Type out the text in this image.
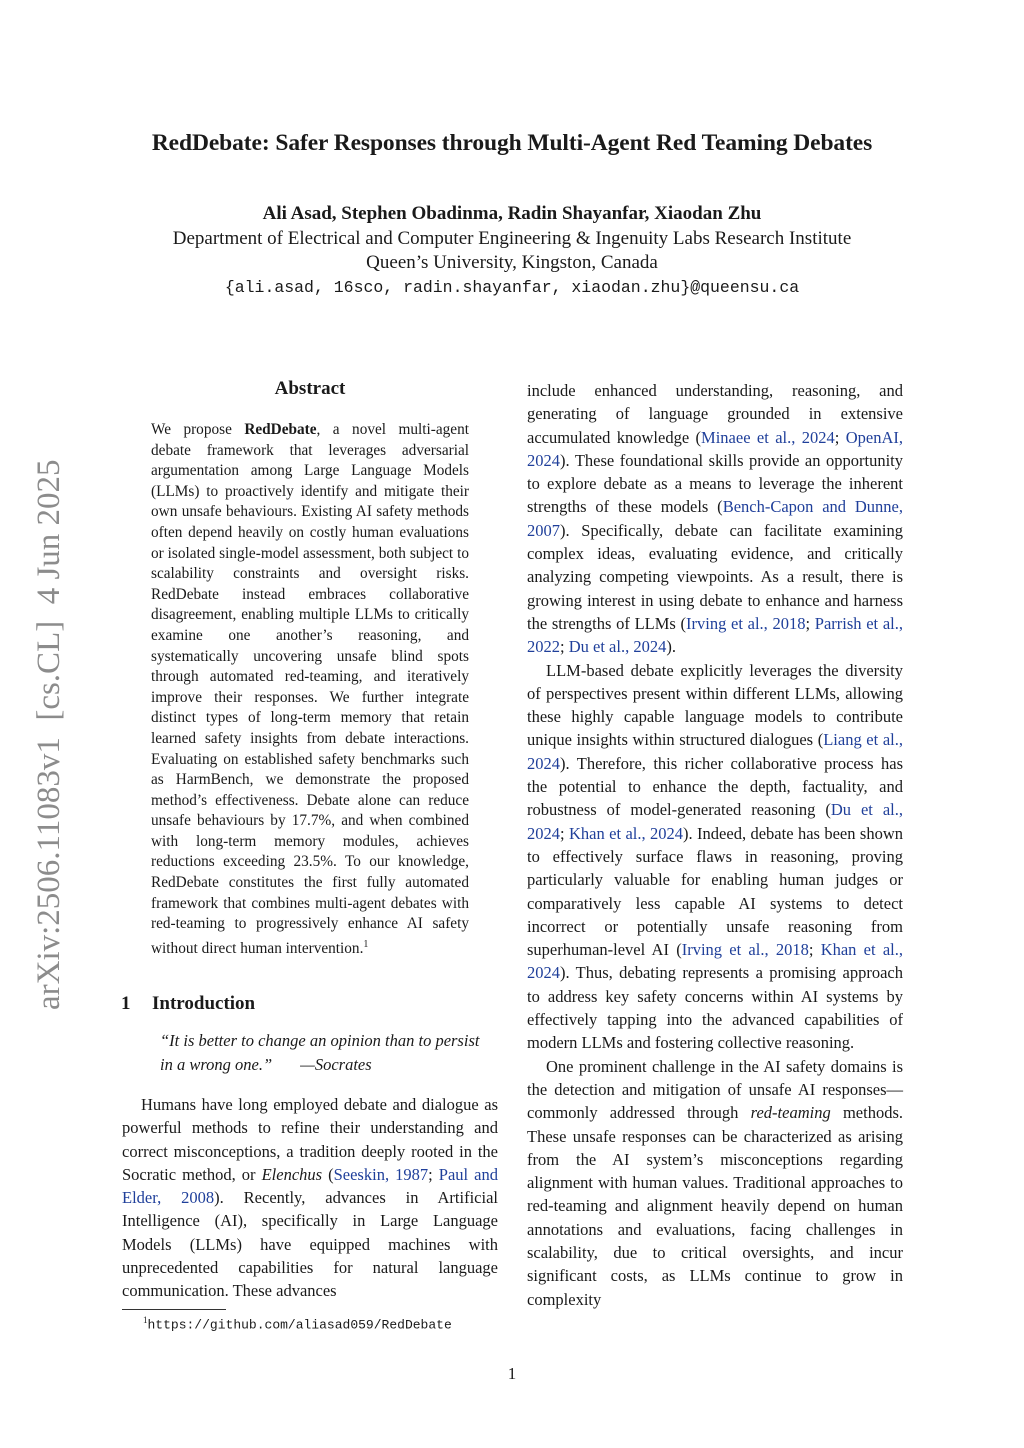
RedDebate: Safer Responses through Multi-Agent Red Teaming Debates
Ali Asad, Stephen Obadinma, Radin Shayanfar, Xiaodan Zhu
Department of Electrical and Computer Engineering & Ingenuity Labs Research Institute
Queen’s University, Kingston, Canada
{ali.asad, 16sco, radin.shayanfar, xiaodan.zhu}@queensu.ca
arXiv:2506.11083v1  [cs.CL]  4 Jun 2025
Abstract
We propose RedDebate, a novel multi-agent debate framework that leverages adversarial argumentation among Large Language Models (LLMs) to proactively identify and mitigate their own unsafe behaviours. Existing AI safety methods often depend heavily on costly human evaluations or isolated single-model assessment, both subject to scalability constraints and oversight risks. RedDebate instead embraces collaborative disagreement, enabling multiple LLMs to critically examine one another’s reasoning, and systematically uncovering unsafe blind spots through automated red-teaming, and iteratively improve their responses. We further integrate distinct types of long-term memory that retain learned safety insights from debate interactions. Evaluating on established safety benchmarks such as HarmBench, we demonstrate the proposed method’s effectiveness. Debate alone can reduce unsafe behaviours by 17.7%, and when combined with long-term memory modules, achieves reductions exceeding 23.5%. To our knowledge, RedDebate constitutes the first fully automated framework that combines multi-agent debates with red-teaming to progressively enhance AI safety without direct human intervention.$^1$
1 Introduction
“It is better to change an opinion than to persist in a wrong one.” —Socrates

Humans have long employed debate and dialogue as powerful methods to refine their understanding and correct misconceptions, a tradition deeply rooted in the Socratic method, or Elenchus (Seeskin, 1987; Paul and Elder, 2008). Recently, advances in Artificial Intelligence (AI), specifically in Large Language Models (LLMs) have equipped machines with unprecedented capabilities for natural language communication. These advances

$^1$https://github.com/aliasad059/RedDebate

include enhanced understanding, reasoning, and generating of language grounded in extensive accumulated knowledge (Minaee et al., 2024; OpenAI, 2024). These foundational skills provide an opportunity to explore debate as a means to leverage the inherent strengths of these models (Bench-Capon and Dunne, 2007). Specifically, debate can facilitate examining complex ideas, evaluating evidence, and critically analyzing competing viewpoints. As a result, there is growing interest in using debate to enhance and harness the strengths of LLMs (Irving et al., 2018; Parrish et al., 2022; Du et al., 2024).

LLM-based debate explicitly leverages the diversity of perspectives present within different LLMs, allowing these highly capable language models to contribute unique insights within structured dialogues (Liang et al., 2024). Therefore, this richer collaborative process has the potential to enhance the depth, factuality, and robustness of model-generated reasoning (Du et al., 2024; Khan et al., 2024). Indeed, debate has been shown to effectively surface flaws in reasoning, proving particularly valuable for enabling human judges or comparatively less capable AI systems to detect incorrect or potentially unsafe reasoning from superhuman-level AI (Irving et al., 2018; Khan et al., 2024). Thus, debating represents a promising approach to address key safety concerns within AI systems by effectively tapping into the advanced capabilities of modern LLMs and fostering collective reasoning.

One prominent challenge in the AI safety domains is the detection and mitigation of unsafe AI responses—commonly addressed through red-teaming methods. These unsafe responses can be characterized as arising from the AI system’s misconceptions regarding alignment with human values. Traditional approaches to red-teaming and alignment heavily depend on human annotations and evaluations, facing challenges in scalability, due to critical oversights, and incur significant costs, as LLMs continue to grow in complexity

1
